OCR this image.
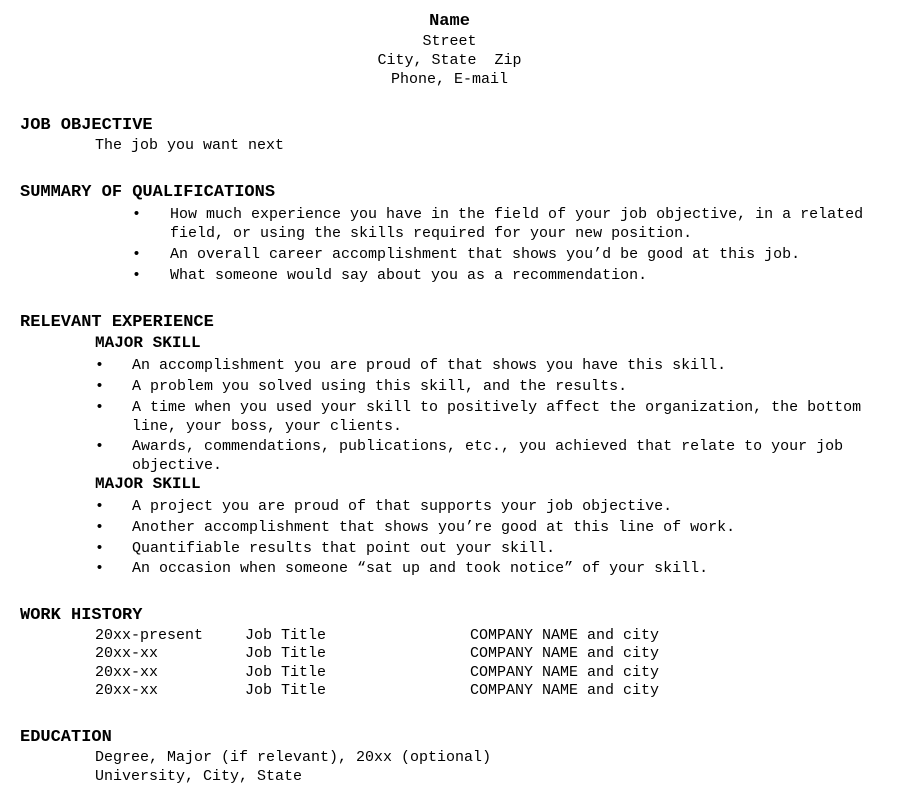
Name
Street
City, State  Zip
Phone, E-mail
JOB OBJECTIVE
The job you want next
SUMMARY OF QUALIFICATIONS
• How much experience you have in the field of your job objective, in a related field, or using the skills required for your new position.
• An overall career accomplishment that shows you’d be good at this job.
• What someone would say about you as a recommendation.
RELEVANT EXPERIENCE
MAJOR SKILL
• An accomplishment you are proud of that shows you have this skill.
• A problem you solved using this skill, and the results.
• A time when you used your skill to positively affect the organization, the bottom line, your boss, your clients.
• Awards, commendations, publications, etc., you achieved that relate to your job objective.
MAJOR SKILL
• A project you are proud of that supports your job objective.
• Another accomplishment that shows you’re good at this line of work.
• Quantifiable results that point out your skill.
• An occasion when someone “sat up and took notice” of your skill.
WORK HISTORY
20xx-present	Job Title	COMPANY NAME and city
20xx-xx	Job Title	COMPANY NAME and city
20xx-xx	Job Title	COMPANY NAME and city
20xx-xx	Job Title	COMPANY NAME and city
EDUCATION
Degree, Major (if relevant), 20xx (optional)
University, City, State
